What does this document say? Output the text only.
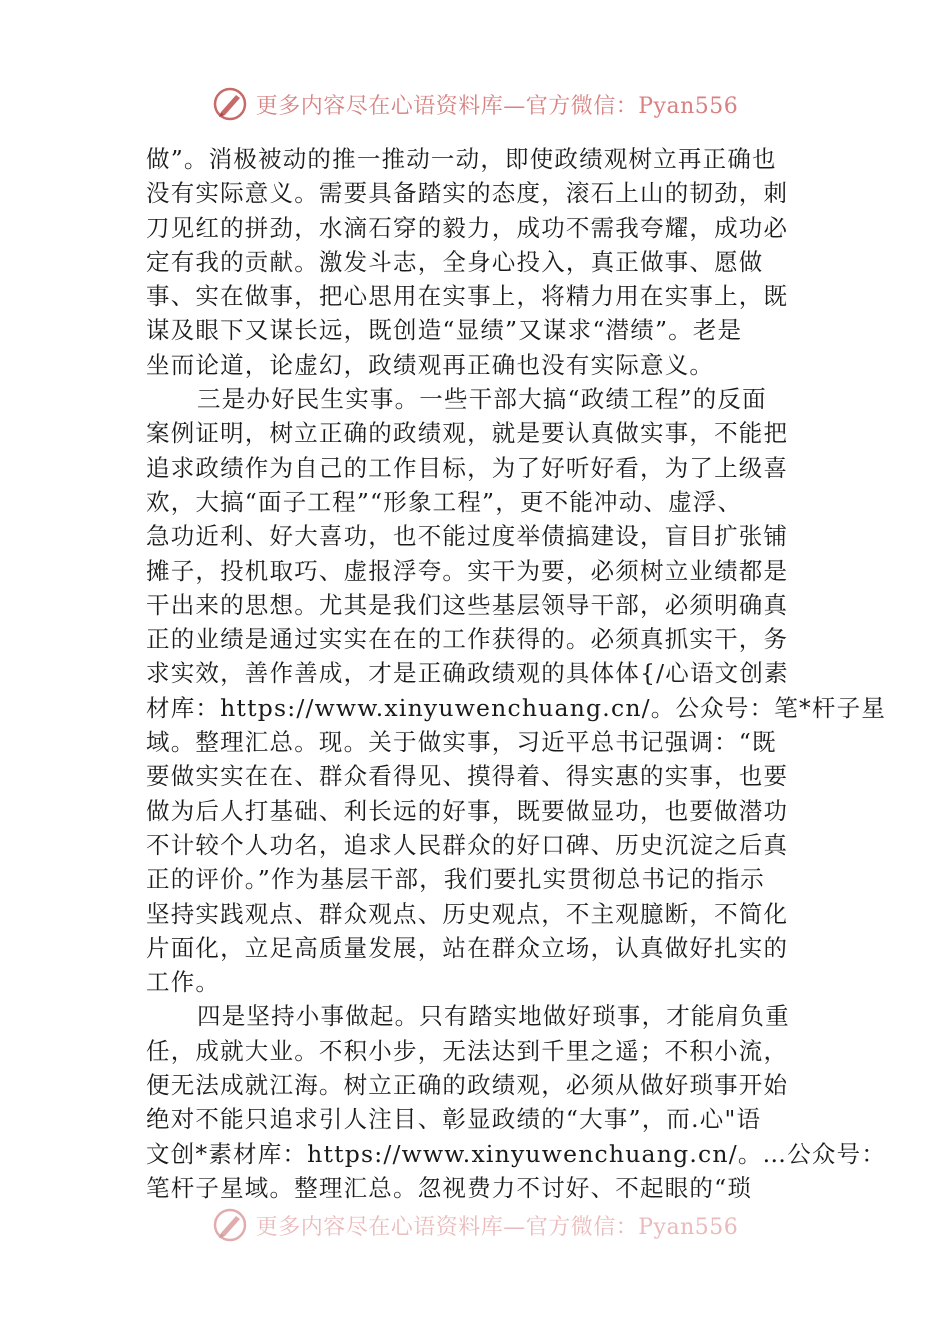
更多内容尽在心语资料库—官方微信：Pyan556
做”。消极被动的推一推动一动，即使政绩观树立再正确也
没有实际意义。需要具备踏实的态度，滚石上山的韧劲，刺
刀见红的拼劲，水滴石穿的毅力，成功不需我夸耀，成功必
定有我的贡献。激发斗志，全身心投入，真正做事、愿做
事、实在做事，把心思用在实事上，将精力用在实事上，既
谋及眼下又谋长远，既创造“显绩”又谋求“潜绩”。老是
坐而论道，论虚幻，政绩观再正确也没有实际意义。
三是办好民生实事。一些干部大搞“政绩工程”的反面
案例证明，树立正确的政绩观，就是要认真做实事，不能把
追求政绩作为自己的工作目标，为了好听好看，为了上级喜
欢，大搞“面子工程”“形象工程”，更不能冲动、虚浮、
急功近利、好大喜功，也不能过度举债搞建设，盲目扩张铺
摊子，投机取巧、虚报浮夸。实干为要，必须树立业绩都是
干出来的思想。尤其是我们这些基层领导干部，必须明确真
正的业绩是通过实实在在的工作获得的。必须真抓实干，务
求实效，善作善成，才是正确政绩观的具体体{/心语文创素
材库：https://www.xinyuwenchuang.cn/。公众号：笔*杆子星
域。整理汇总。现。关于做实事，习近平总书记强调：“既
要做实实在在、群众看得见、摸得着、得实惠的实事，也要
做为后人打基础、利长远的好事，既要做显功，也要做潜功
不计较个人功名，追求人民群众的好口碑、历史沉淀之后真
正的评价。”作为基层干部，我们要扎实贯彻总书记的指示
坚持实践观点、群众观点、历史观点，不主观臆断，不简化
片面化，立足高质量发展，站在群众立场，认真做好扎实的
工作。
四是坚持小事做起。只有踏实地做好琐事，才能肩负重
任，成就大业。不积小步，无法达到千里之遥；不积小流，
便无法成就江海。树立正确的政绩观，必须从做好琐事开始
绝对不能只追求引人注目、彰显政绩的“大事”，而.心"语
文创*素材库：https://www.xinyuwenchuang.cn/。…公众号：
笔杆子星域。整理汇总。忽视费力不讨好、不起眼的“琐
更多内容尽在心语资料库—官方微信：Pyan556
